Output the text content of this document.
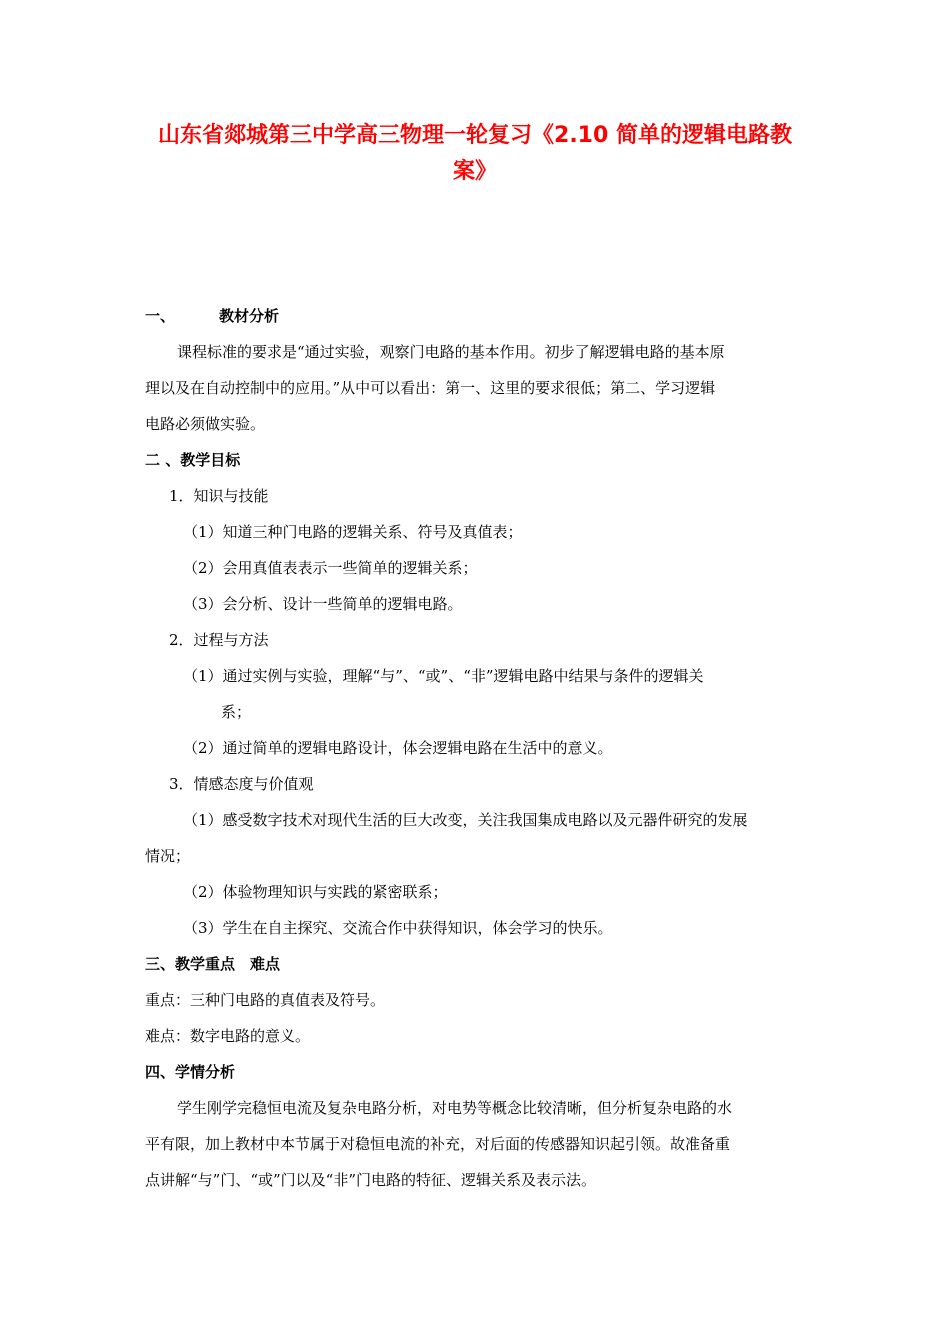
山东省郯城第三中学高三物理一轮复习《2.10 简单的逻辑电路教
案》
一、	教材分析
课程标准的要求是“通过实验，观察门电路的基本作用。初步了解逻辑电路的基本原
理以及在自动控制中的应用。”从中可以看出：第一、这里的要求很低；第二、学习逻辑
电路必须做实验。
二 、教学目标
1．知识与技能
（1）知道三种门电路的逻辑关系、符号及真值表；
（2）会用真值表表示一些简单的逻辑关系；
（3）会分析、设计一些简单的逻辑电路。
2．过程与方法
（1）通过实例与实验，理解“与”、“或”、“非”逻辑电路中结果与条件的逻辑关
系；
（2）通过简单的逻辑电路设计，体会逻辑电路在生活中的意义。
3．情感态度与价值观
（1）感受数字技术对现代生活的巨大改变，关注我国集成电路以及元器件研究的发展
情况；
（2）体验物理知识与实践的紧密联系；
（3）学生在自主探究、交流合作中获得知识，体会学习的快乐。
三、教学重点　难点
重点：三种门电路的真值表及符号。
难点：数字电路的意义。
四、学情分析
学生刚学完稳恒电流及复杂电路分析，对电势等概念比较清晰，但分析复杂电路的水
平有限，加上教材中本节属于对稳恒电流的补充，对后面的传感器知识起引领。故准备重
点讲解“与”门、“或”门以及“非”门电路的特征、逻辑关系及表示法。
